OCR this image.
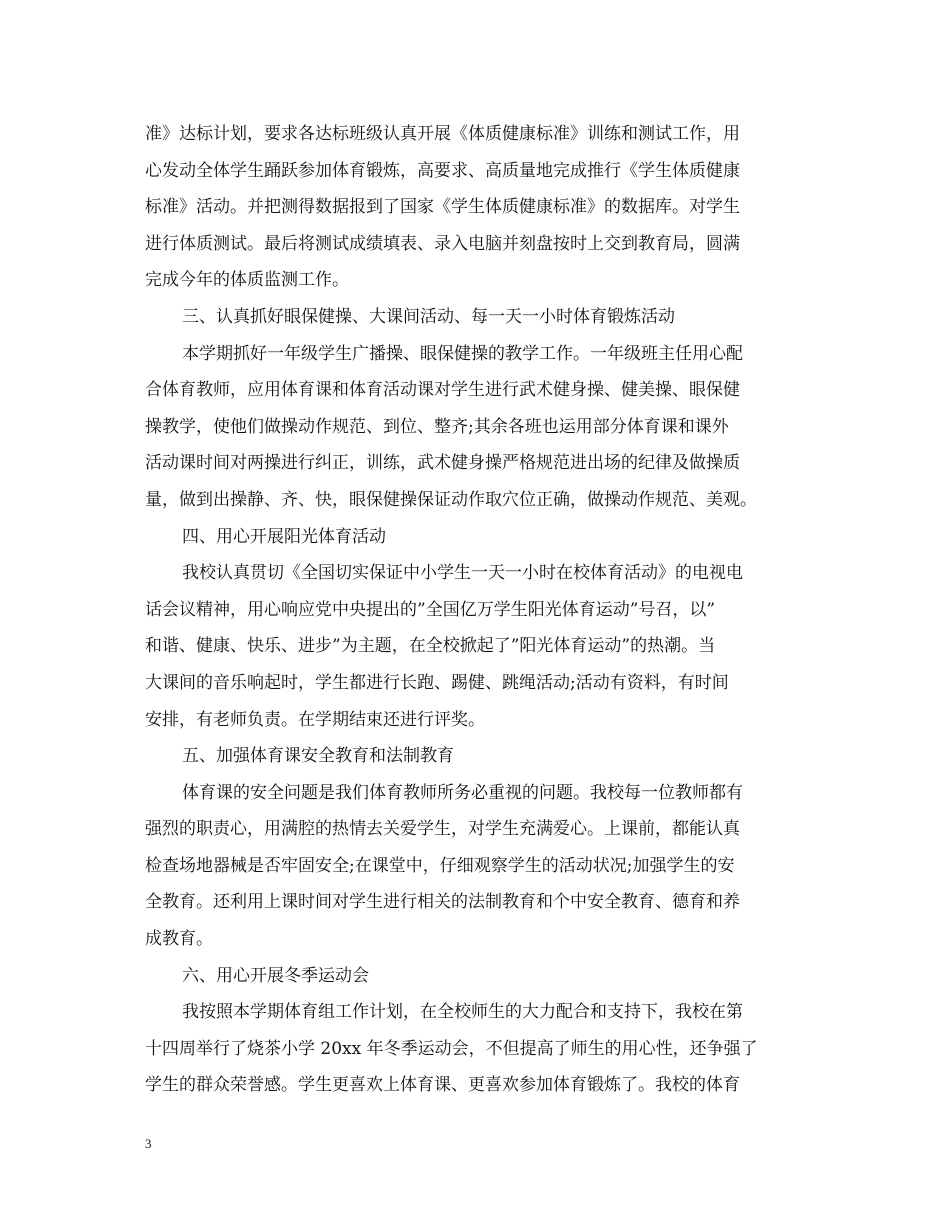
准》达标计划，要求各达标班级认真开展《体质健康标准》训练和测试工作，用
心发动全体学生踊跃参加体育锻炼，高要求、高质量地完成推行《学生体质健康
标准》活动。并把测得数据报到了国家《学生体质健康标准》的数据库。对学生
进行体质测试。最后将测试成绩填表、录入电脑并刻盘按时上交到教育局，圆满
完成今年的体质监测工作。
三、认真抓好眼保健操、大课间活动、每一天一小时体育锻炼活动
本学期抓好一年级学生广播操、眼保健操的教学工作。一年级班主任用心配
合体育教师，应用体育课和体育活动课对学生进行武术健身操、健美操、眼保健
操教学，使他们做操动作规范、到位、整齐;其余各班也运用部分体育课和课外
活动课时间对两操进行纠正，训练，武术健身操严格规范进出场的纪律及做操质
量，做到出操静、齐、快，眼保健操保证动作取穴位正确，做操动作规范、美观。
四、用心开展阳光体育活动
我校认真贯切《全国切实保证中小学生一天一小时在校体育活动》的电视电
话会议精神，用心响应党中央提出的”全国亿万学生阳光体育运动”号召，以”
和谐、健康、快乐、进步”为主题，在全校掀起了”阳光体育运动”的热潮。当
大课间的音乐响起时，学生都进行长跑、踢健、跳绳活动;活动有资料，有时间
安排，有老师负责。在学期结束还进行评奖。
五、加强体育课安全教育和法制教育
体育课的安全问题是我们体育教师所务必重视的问题。我校每一位教师都有
强烈的职责心，用满腔的热情去关爱学生，对学生充满爱心。上课前，都能认真
检查场地器械是否牢固安全;在课堂中，仔细观察学生的活动状况;加强学生的安
全教育。还利用上课时间对学生进行相关的法制教育和个中安全教育、德育和养
成教育。
六、用心开展冬季运动会
我按照本学期体育组工作计划，在全校师生的大力配合和支持下，我校在第
十四周举行了烧茶小学 20xx 年冬季运动会，不但提高了师生的用心性，还争强了
学生的群众荣誉感。学生更喜欢上体育课、更喜欢参加体育锻炼了。我校的体育
3
